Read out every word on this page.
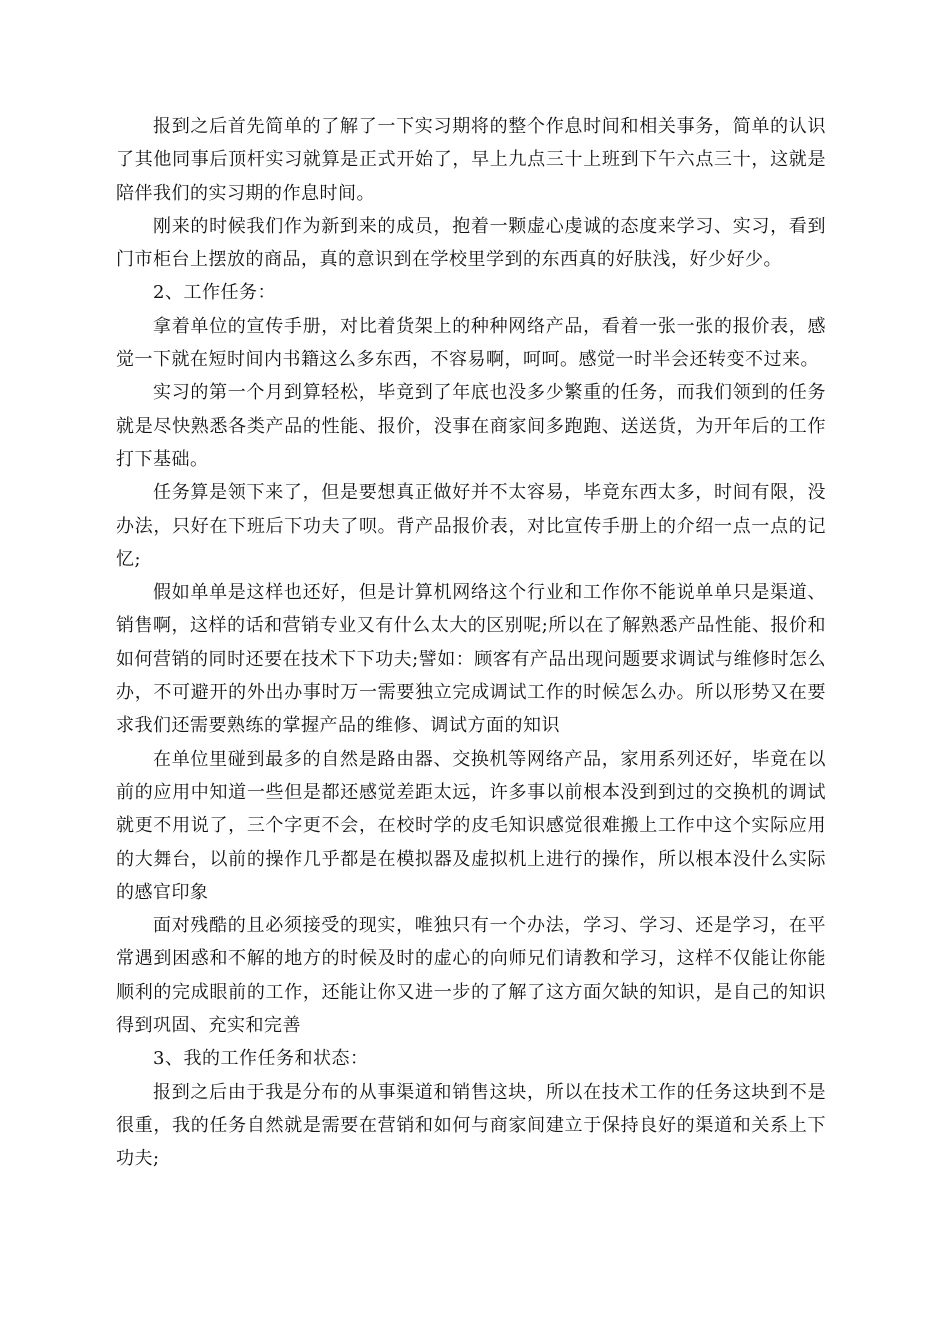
报到之后首先简单的了解了一下实习期将的整个作息时间和相关事务，简单的认识了其他同事后顶杆实习就算是正式开始了，早上九点三十上班到下午六点三十，这就是陪伴我们的实习期的作息时间。

刚来的时候我们作为新到来的成员，抱着一颗虚心虔诚的态度来学习、实习，看到门市柜台上摆放的商品，真的意识到在学校里学到的东西真的好肤浅，好少好少。

2、工作任务：

拿着单位的宣传手册，对比着货架上的种种网络产品，看着一张一张的报价表，感觉一下就在短时间内书籍这么多东西，不容易啊，呵呵。感觉一时半会还转变不过来。

实习的第一个月到算轻松，毕竟到了年底也没多少繁重的任务，而我们领到的任务就是尽快熟悉各类产品的性能、报价，没事在商家间多跑跑、送送货，为开年后的工作打下基础。

任务算是领下来了，但是要想真正做好并不太容易，毕竟东西太多，时间有限，没办法，只好在下班后下功夫了呗。背产品报价表，对比宣传手册上的介绍一点一点的记忆;

假如单单是这样也还好，但是计算机网络这个行业和工作你不能说单单只是渠道、销售啊，这样的话和营销专业又有什么太大的区别呢;所以在了解熟悉产品性能、报价和如何营销的同时还要在技术下下功夫;譬如：顾客有产品出现问题要求调试与维修时怎么办，不可避开的外出办事时万一需要独立完成调试工作的时候怎么办。所以形势又在要求我们还需要熟练的掌握产品的维修、调试方面的知识

在单位里碰到最多的自然是路由器、交换机等网络产品，家用系列还好，毕竟在以前的应用中知道一些但是都还感觉差距太远，许多事以前根本没到到过的交换机的调试就更不用说了，三个字更不会，在校时学的皮毛知识感觉很难搬上工作中这个实际应用的大舞台，以前的操作几乎都是在模拟器及虚拟机上进行的操作，所以根本没什么实际的感官印象

面对残酷的且必须接受的现实，唯独只有一个办法，学习、学习、还是学习，在平常遇到困惑和不解的地方的时候及时的虚心的向师兄们请教和学习，这样不仅能让你能顺利的完成眼前的工作，还能让你又进一步的了解了这方面欠缺的知识，是自己的知识得到巩固、充实和完善

3、我的工作任务和状态：

报到之后由于我是分布的从事渠道和销售这块，所以在技术工作的任务这块到不是很重，我的任务自然就是需要在营销和如何与商家间建立于保持良好的渠道和关系上下功夫;
